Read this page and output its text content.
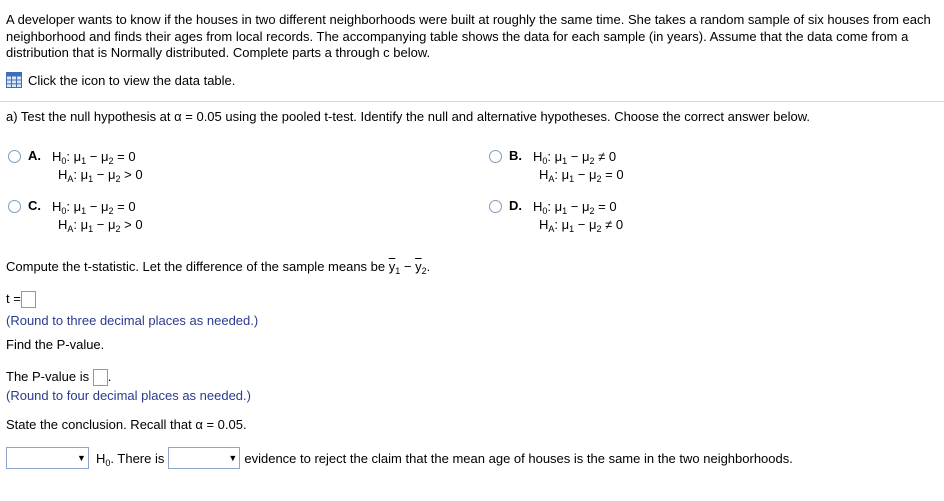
A developer wants to know if the houses in two different neighborhoods were built at roughly the same time. She takes a random sample of six houses from each
neighborhood and finds their ages from local records. The accompanying table shows the data for each sample (in years). Assume that the data come from a
distribution that is Normally distributed. Complete parts a through c below.
Click the icon to view the data table.
a) Test the null hypothesis at α = 0.05 using the pooled t-test. Identify the null and alternative hypotheses. Choose the correct answer below.
A. $H_0$: $\mu_1 - \mu_2 = 0$
$H_A$: $\mu_1 - \mu_2 > 0$
B. $H_0$: $\mu_1 - \mu_2 \ne 0$
$H_A$: $\mu_1 - \mu_2 = 0$
C. $H_0$: $\mu_1 - \mu_2 = 0$
$H_A$: $\mu_1 - \mu_2 > 0$
D. $H_0$: $\mu_1 - \mu_2 = 0$
$H_A$: $\mu_1 - \mu_2 \ne 0$
Compute the t-statistic. Let the difference of the sample means be $\overline{y}_1 - \overline{y}_2$.
t =
(Round to three decimal places as needed.)
Find the P-value.
The P-value is .
(Round to four decimal places as needed.)
State the conclusion. Recall that α = 0.05.
▼ $H_0$. There is	▼ evidence to reject the claim that the mean age of houses is the same in the two neighborhoods.
